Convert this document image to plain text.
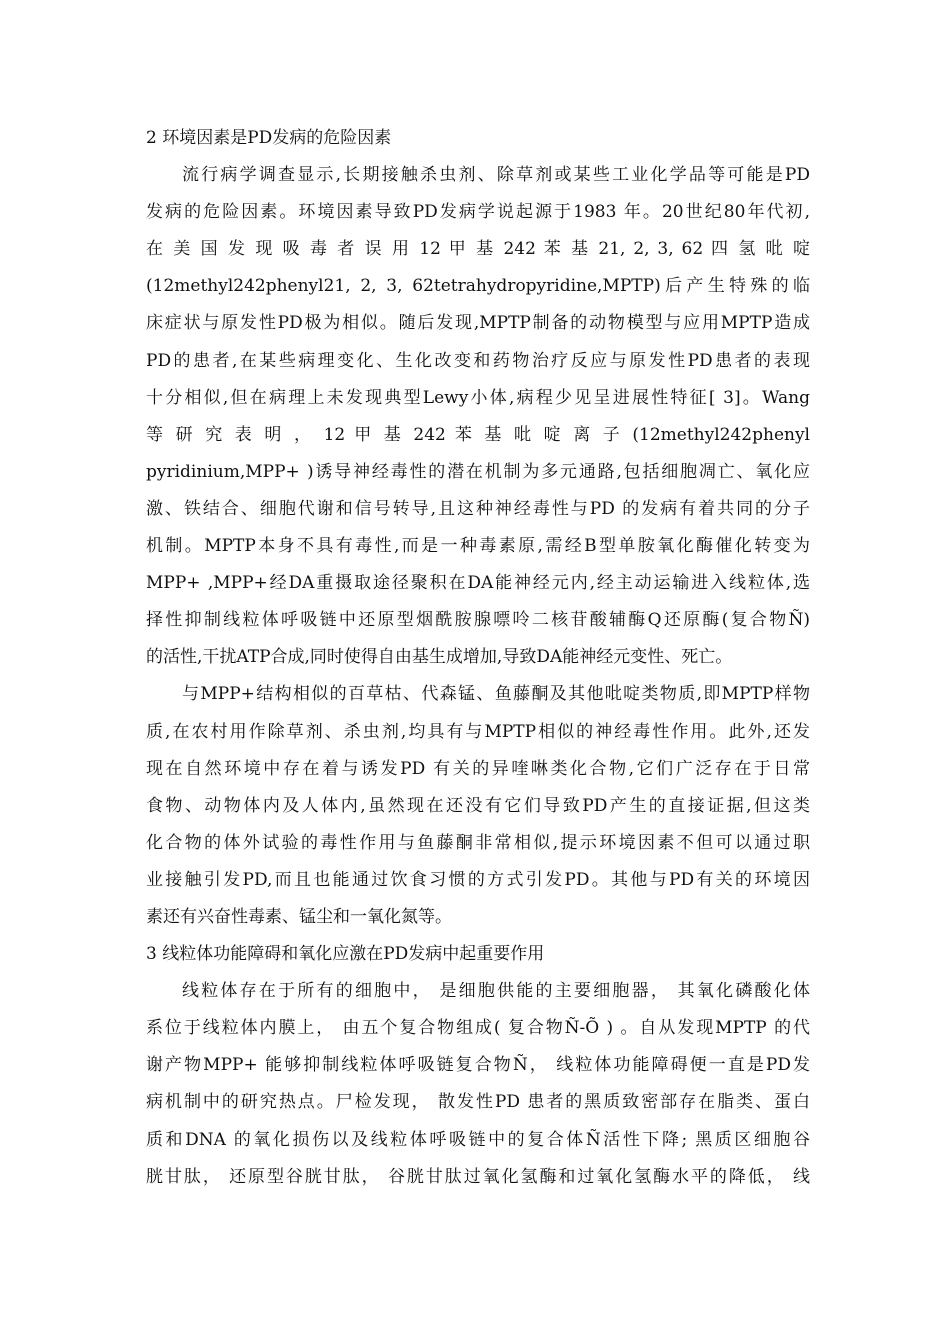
2 环境因素是PD发病的危险因素
流行病学调查显示,长期接触杀虫剂、除草剂或某些工业化学品等可能是PD
发病的危险因素。环境因素导致PD发病学说起源于1983 年。20世纪80年代初,
在 美 国 发 现 吸 毒 者 误 用 12 甲 基 242 苯 基 21, 2, 3, 62 四 氢 吡 啶
(12methyl242phenyl21, 2, 3, 62tetrahydropyridine,MPTP)后产生特殊的临
床症状与原发性PD极为相似。随后发现,MPTP制备的动物模型与应用MPTP造成
PD的患者,在某些病理变化、生化改变和药物治疗反应与原发性PD患者的表现
十分相似,但在病理上未发现典型Lewy小体,病程少见呈进展性特征[ 3]。Wang
等 研 究 表 明 ， 12 甲 基 242 苯 基 吡 啶 离 子 (12methyl242phenyl
pyridinium,MPP+ )诱导神经毒性的潜在机制为多元通路,包括细胞凋亡、氧化应
激、铁结合、细胞代谢和信号转导,且这种神经毒性与PD 的发病有着共同的分子
机制。MPTP本身不具有毒性,而是一种毒素原,需经B型单胺氧化酶催化转变为
MPP+ ,MPP+经DA重摄取途径聚积在DA能神经元内,经主动运输进入线粒体,选
择性抑制线粒体呼吸链中还原型烟酰胺腺嘌呤二核苷酸辅酶Q还原酶(复合物Ñ)
的活性,干扰ATP合成,同时使得自由基生成增加,导致DA能神经元变性、死亡。
与MPP+结构相似的百草枯、代森锰、鱼藤酮及其他吡啶类物质,即MPTP样物
质,在农村用作除草剂、杀虫剂,均具有与MPTP相似的神经毒性作用。此外,还发
现在自然环境中存在着与诱发PD 有关的异喹啉类化合物,它们广泛存在于日常
食物、动物体内及人体内,虽然现在还没有它们导致PD产生的直接证据,但这类
化合物的体外试验的毒性作用与鱼藤酮非常相似,提示环境因素不但可以通过职
业接触引发PD,而且也能通过饮食习惯的方式引发PD。其他与PD有关的环境因
素还有兴奋性毒素、锰尘和一氧化氮等。
3 线粒体功能障碍和氧化应激在PD发病中起重要作用
线粒体存在于所有的细胞中， 是细胞供能的主要细胞器， 其氧化磷酸化体
系位于线粒体内膜上， 由五个复合物组成( 复合物Ñ-Õ ) 。自从发现MPTP 的代
谢产物MPP+ 能够抑制线粒体呼吸链复合物Ñ， 线粒体功能障碍便一直是PD发
病机制中的研究热点。尸检发现， 散发性PD 患者的黑质致密部存在脂类、蛋白
质和DNA 的氧化损伤以及线粒体呼吸链中的复合体Ñ活性下降; 黑质区细胞谷
胱甘肽， 还原型谷胱甘肽， 谷胱甘肽过氧化氢酶和过氧化氢酶水平的降低， 线
